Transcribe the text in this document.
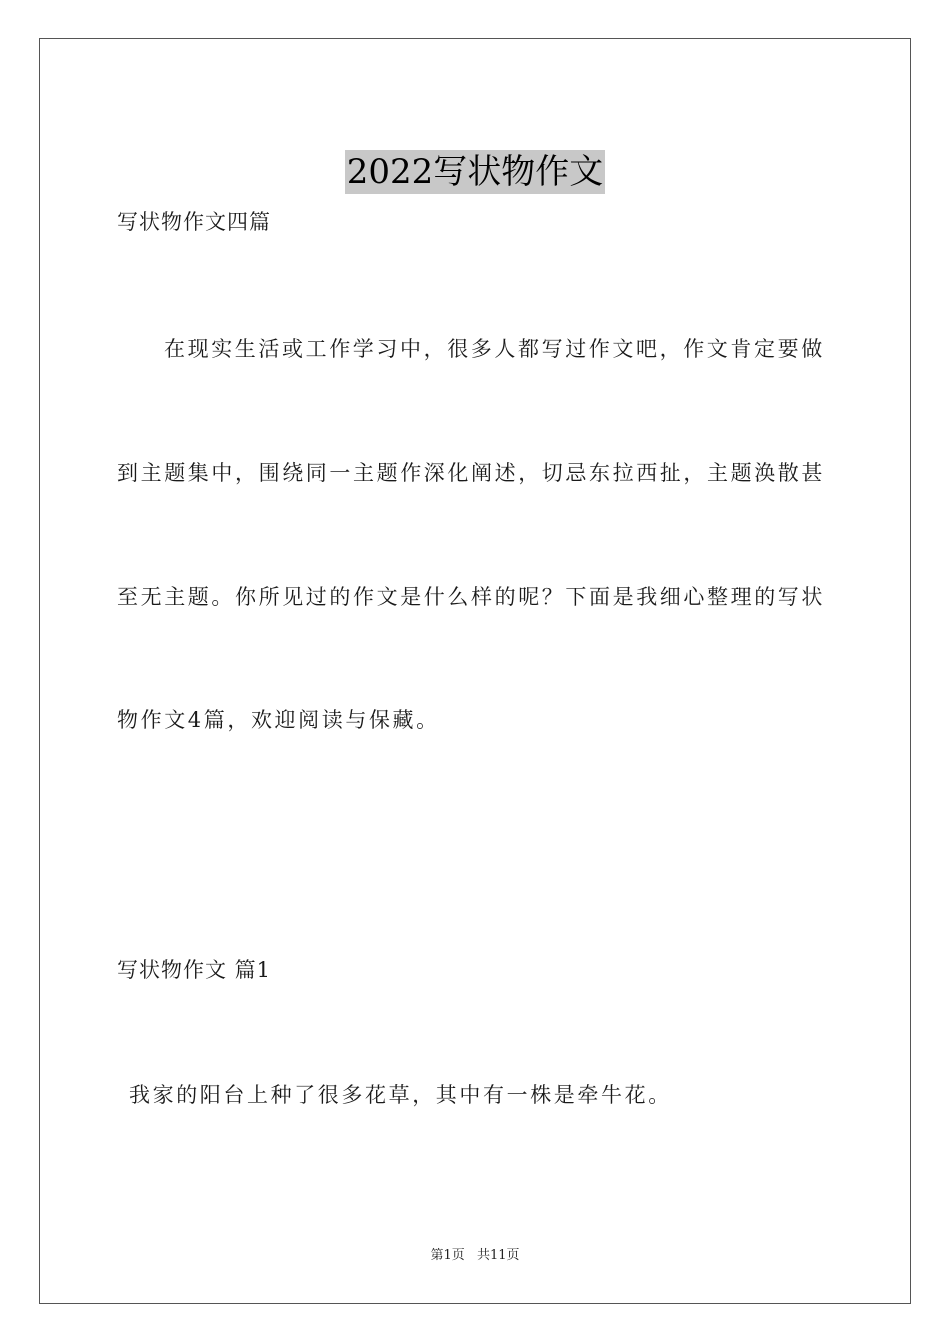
2022写状物作文
写状物作文四篇
在现实生活或工作学习中，很多人都写过作文吧，作文肯定要做
到主题集中，围绕同一主题作深化阐述，切忌东拉西扯，主题涣散甚
至无主题。你所见过的作文是什么样的呢？下面是我细心整理的写状
物作文4篇，欢迎阅读与保藏。
写状物作文 篇1
我家的阳台上种了很多花草，其中有一株是牵牛花。
第1页 共11页
